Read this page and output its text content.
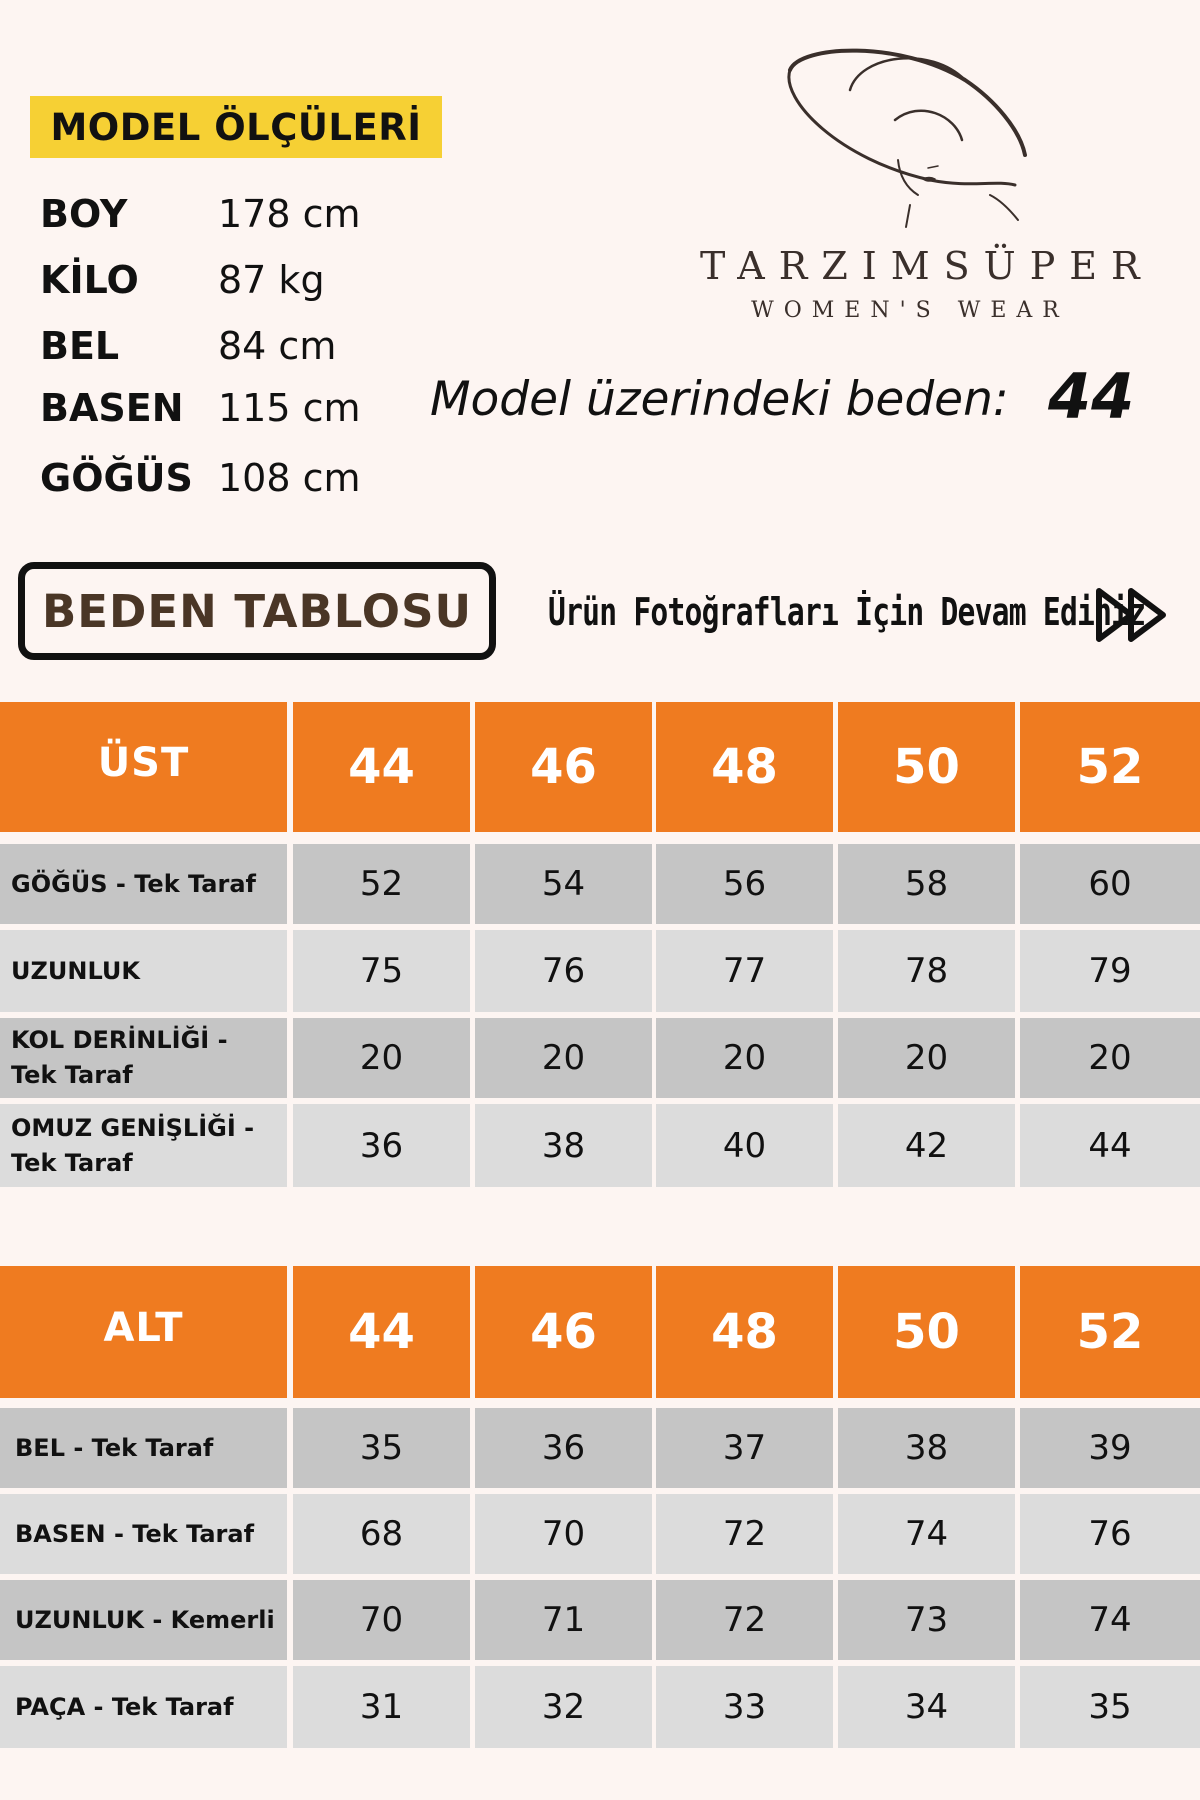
MODEL ÖLÇÜLERİ
BOY	178 cm
KİLO	87 kg
BEL	84 cm
BASEN 115 cm
GÖĞÜS 108 cm
TARZIMSÜPER
WOMEN'S WEAR
Model üzerindeki beden: 44
BEDEN TABLOSU Ürün Fotoğrafları İçin Devam Ediniz
ÜST	44 46 48 50 52
GÖĞÜS - Tek Taraf	52	54	56	58	60
UZUNLUK	75	76	77	78	79
KOL DERİNLİĞİ - Tek Taraf	20	20	20	20	20
OMUZ GENİŞLİĞİ - Tek Taraf	36	38	40	42	44
ALT	44 46 48 50 52
BEL - Tek Taraf	35	36	37	38	39
BASEN - Tek Taraf	68	70	72	74	76
UZUNLUK - Kemerli	70	71	72	73	74
PAÇA - Tek Taraf	31	32	33	34	35
